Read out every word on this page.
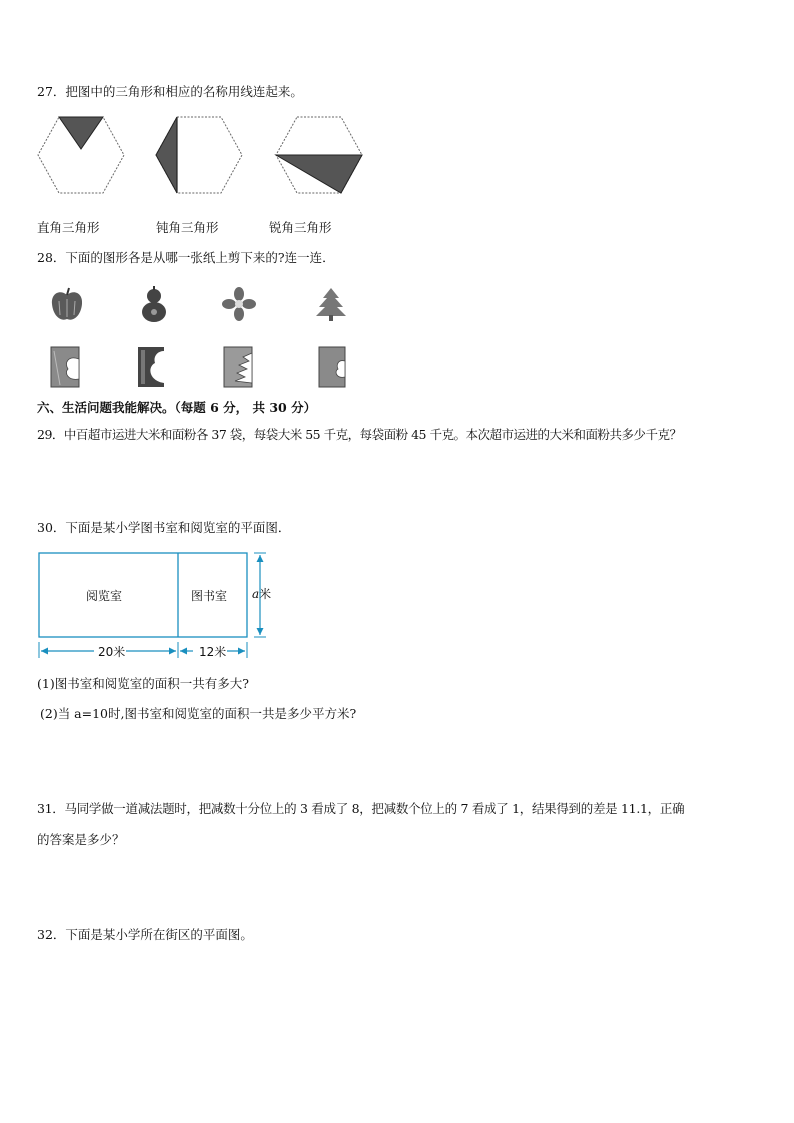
27．把图中的三角形和相应的名称用线连起来。
直角三角形	钝角三角形	锐角三角形
28．下面的图形各是从哪一张纸上剪下来的?连一连．
六、生活问题我能解决。（每题 6 分， 共 30 分）
29．中百超市运进大米和面粉各 37 袋，每袋大米 55 千克，每袋面粉 45 千克。本次超市运进的大米和面粉共多少千克？
30．下面是某小学图书室和阅览室的平面图．
阅览室	图书室 a米
20米	12米
(1)图书室和阅览室的面积一共有多大?
(2)当 a=10时,图书室和阅览室的面积一共是多少平方米?
31．马同学做一道减法题时，把减数十分位上的 3 看成了 8，把减数个位上的 7 看成了 1，结果得到的差是 11.1，正确
的答案是多少？
32．下面是某小学所在街区的平面图。
